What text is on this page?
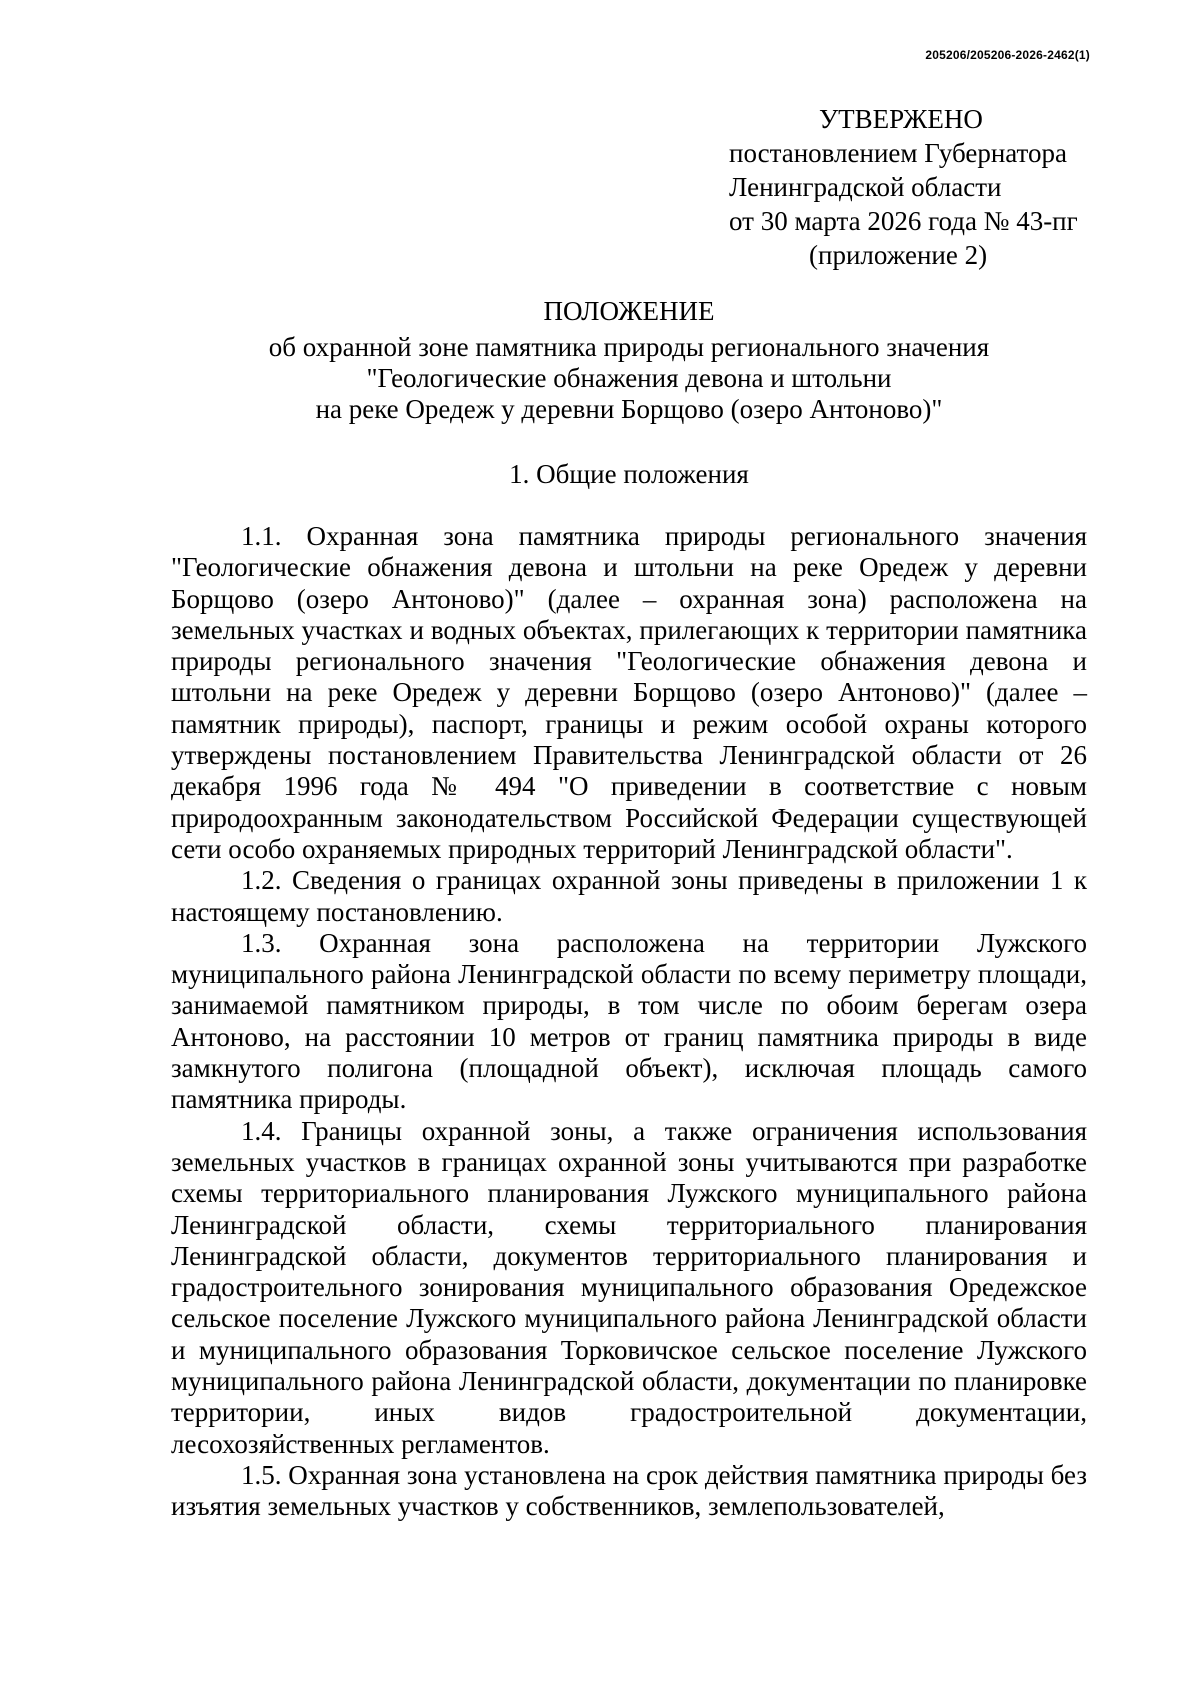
205206/205206-2026-2462(1)
УТВЕРЖЕНО
постановлением Губернатора
Ленинградской области
от 30 марта 2026 года № 43-пг
(приложение 2)
ПОЛОЖЕНИЕ
об охранной зоне памятника природы регионального значения
"Геологические обнажения девона и штольни
на реке Оредеж у деревни Борщово (озеро Антоново)"
1. Общие положения

1.1. Охранная зона памятника природы регионального значения "Геологические обнажения девона и штольни на реке Оредеж у деревни Борщово (озеро Антоново)" (далее – охранная зона) расположена на земельных участках и водных объектах, прилегающих к территории памятника природы регионального значения "Геологические обнажения девона и штольни на реке Оредеж у деревни Борщово (озеро Антоново)" (далее – памятник природы), паспорт, границы и режим особой охраны которого утверждены постановлением Правительства Ленинградской области от 26 декабря 1996 года № 494 "О приведении в соответствие с новым природоохранным законодательством Российской Федерации существующей сети особо охраняемых природных территорий Ленинградской области".

1.2. Сведения о границах охранной зоны приведены в приложении 1 к настоящему постановлению.

1.3. Охранная зона расположена на территории Лужского муниципального района Ленинградской области по всему периметру площади, занимаемой памятником природы, в том числе по обоим берегам озера Антоново, на расстоянии 10 метров от границ памятника природы в виде замкнутого полигона (площадной объект), исключая площадь самого памятника природы.

1.4. Границы охранной зоны, а также ограничения использования земельных участков в границах охранной зоны учитываются при разработке схемы территориального планирования Лужского муниципального района Ленинградской области, схемы территориального планирования Ленинградской области, документов территориального планирования и градостроительного зонирования муниципального образования Оредежское сельское поселение Лужского муниципального района Ленинградской области и муниципального образования Торковичское сельское поселение Лужского муниципального района Ленинградской области, документации по планировке территории, иных видов градостроительной документации, лесохозяйственных регламентов.

1.5. Охранная зона установлена на срок действия памятника природы без изъятия земельных участков у собственников, землепользователей,
